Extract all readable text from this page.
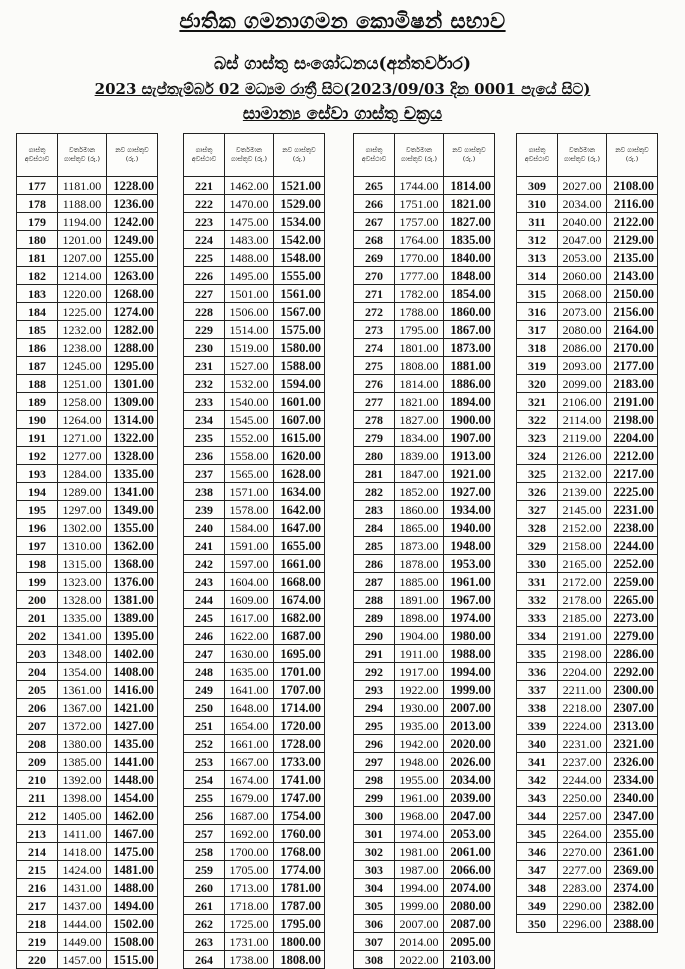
ජාතික ගමනාගමන කොමිෂන් සභාව
බස් ගාස්තු සංශෝධනය(අන්තර්වාර)
2023 සැප්තැම්බර් 02 මධ්‍යම රාත්‍රී සිට(2023/09/03 දින 0001 පැයේ සිට)
සාමාන්‍ය සේවා ගාස්තු චක්‍රය
ගාස්තු අවස්ථාව	වර්තමාන ගාස්තුව (රු.)	නව ගාස්තුව (රු.)
177	1181.00	1228.00
178	1188.00	1236.00
179	1194.00	1242.00
180	1201.00	1249.00
181	1207.00	1255.00
182	1214.00	1263.00
183	1220.00	1268.00
184	1225.00	1274.00
185	1232.00	1282.00
186	1238.00	1288.00
187	1245.00	1295.00
188	1251.00	1301.00
189	1258.00	1309.00
190	1264.00	1314.00
191	1271.00	1322.00
192	1277.00	1328.00
193	1284.00	1335.00
194	1289.00	1341.00
195	1297.00	1349.00
196	1302.00	1355.00
197	1310.00	1362.00
198	1315.00	1368.00
199	1323.00	1376.00
200	1328.00	1381.00
201	1335.00	1389.00
202	1341.00	1395.00
203	1348.00	1402.00
204	1354.00	1408.00
205	1361.00	1416.00
206	1367.00	1421.00
207	1372.00	1427.00
208	1380.00	1435.00
209	1385.00	1441.00
210	1392.00	1448.00
211	1398.00	1454.00
212	1405.00	1462.00
213	1411.00	1467.00
214	1418.00	1475.00
215	1424.00	1481.00
216	1431.00	1488.00
217	1437.00	1494.00
218	1444.00	1502.00
219	1449.00	1508.00
220	1457.00	1515.00
ගාස්තු අවස්ථාව	වර්තමාන ගාස්තුව (රු.)	නව ගාස්තුව (රු.)
221	1462.00	1521.00
222	1470.00	1529.00
223	1475.00	1534.00
224	1483.00	1542.00
225	1488.00	1548.00
226	1495.00	1555.00
227	1501.00	1561.00
228	1506.00	1567.00
229	1514.00	1575.00
230	1519.00	1580.00
231	1527.00	1588.00
232	1532.00	1594.00
233	1540.00	1601.00
234	1545.00	1607.00
235	1552.00	1615.00
236	1558.00	1620.00
237	1565.00	1628.00
238	1571.00	1634.00
239	1578.00	1642.00
240	1584.00	1647.00
241	1591.00	1655.00
242	1597.00	1661.00
243	1604.00	1668.00
244	1609.00	1674.00
245	1617.00	1682.00
246	1622.00	1687.00
247	1630.00	1695.00
248	1635.00	1701.00
249	1641.00	1707.00
250	1648.00	1714.00
251	1654.00	1720.00
252	1661.00	1728.00
253	1667.00	1733.00
254	1674.00	1741.00
255	1679.00	1747.00
256	1687.00	1754.00
257	1692.00	1760.00
258	1700.00	1768.00
259	1705.00	1774.00
260	1713.00	1781.00
261	1718.00	1787.00
262	1725.00	1795.00
263	1731.00	1800.00
264	1738.00	1808.00
ගාස්තු අවස්ථාව	වර්තමාන ගාස්තුව (රු.)	නව ගාස්තුව (රු.)
265	1744.00	1814.00
266	1751.00	1821.00
267	1757.00	1827.00
268	1764.00	1835.00
269	1770.00	1840.00
270	1777.00	1848.00
271	1782.00	1854.00
272	1788.00	1860.00
273	1795.00	1867.00
274	1801.00	1873.00
275	1808.00	1881.00
276	1814.00	1886.00
277	1821.00	1894.00
278	1827.00	1900.00
279	1834.00	1907.00
280	1839.00	1913.00
281	1847.00	1921.00
282	1852.00	1927.00
283	1860.00	1934.00
284	1865.00	1940.00
285	1873.00	1948.00
286	1878.00	1953.00
287	1885.00	1961.00
288	1891.00	1967.00
289	1898.00	1974.00
290	1904.00	1980.00
291	1911.00	1988.00
292	1917.00	1994.00
293	1922.00	1999.00
294	1930.00	2007.00
295	1935.00	2013.00
296	1942.00	2020.00
297	1948.00	2026.00
298	1955.00	2034.00
299	1961.00	2039.00
300	1968.00	2047.00
301	1974.00	2053.00
302	1981.00	2061.00
303	1987.00	2066.00
304	1994.00	2074.00
305	1999.00	2080.00
306	2007.00	2087.00
307	2014.00	2095.00
308	2022.00	2103.00
ගාස්තු අවස්ථාව	වර්තමාන ගාස්තුව (රු.)	නව ගාස්තුව (රු.)
309	2027.00	2108.00
310	2034.00	2116.00
311	2040.00	2122.00
312	2047.00	2129.00
313	2053.00	2135.00
314	2060.00	2143.00
315	2068.00	2150.00
316	2073.00	2156.00
317	2080.00	2164.00
318	2086.00	2170.00
319	2093.00	2177.00
320	2099.00	2183.00
321	2106.00	2191.00
322	2114.00	2198.00
323	2119.00	2204.00
324	2126.00	2212.00
325	2132.00	2217.00
326	2139.00	2225.00
327	2145.00	2231.00
328	2152.00	2238.00
329	2158.00	2244.00
330	2165.00	2252.00
331	2172.00	2259.00
332	2178.00	2265.00
333	2185.00	2273.00
334	2191.00	2279.00
335	2198.00	2286.00
336	2204.00	2292.00
337	2211.00	2300.00
338	2218.00	2307.00
339	2224.00	2313.00
340	2231.00	2321.00
341	2237.00	2326.00
342	2244.00	2334.00
343	2250.00	2340.00
344	2257.00	2347.00
345	2264.00	2355.00
346	2270.00	2361.00
347	2277.00	2369.00
348	2283.00	2374.00
349	2290.00	2382.00
350	2296.00	2388.00
